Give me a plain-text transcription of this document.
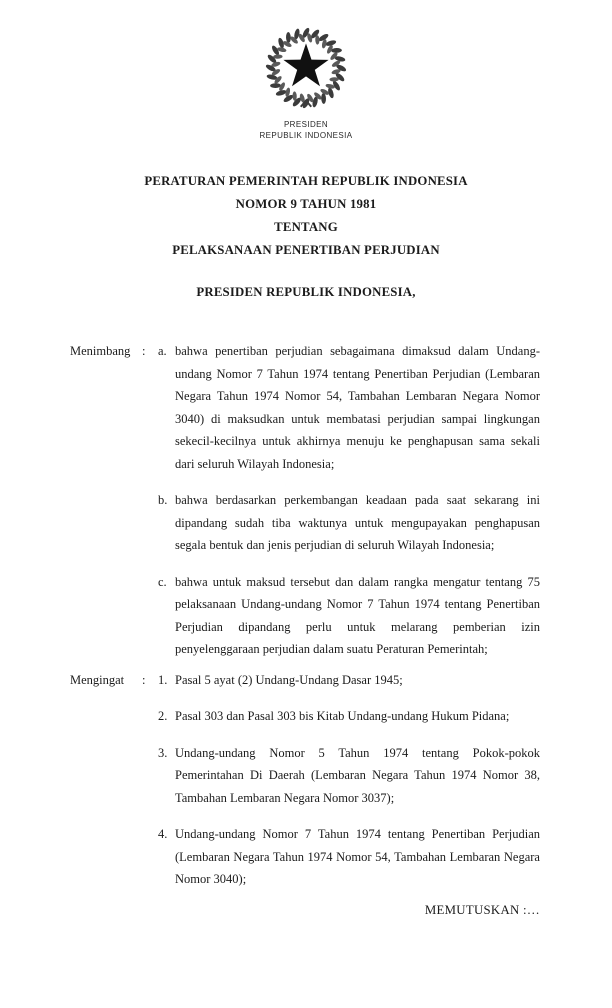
PRESIDEN
REPUBLIK INDONESIA
PERATURAN PEMERINTAH REPUBLIK INDONESIA
NOMOR 9 TAHUN 1981
TENTANG
PELAKSANAAN PENERTIBAN PERJUDIAN
PRESIDEN REPUBLIK INDONESIA,
Menimbang :	a. bahwa penertiban perjudian sebagaimana dimaksud dalam Undang-undang Nomor 7 Tahun 1974 tentang Penertiban Perjudian (Lembaran Negara Tahun 1974 Nomor 54, Tambahan Lembaran Negara Nomor 3040) di maksudkan untuk membatasi perjudian sampai lingkungan sekecil-kecilnya untuk akhirnya menuju ke penghapusan sama sekali dari seluruh Wilayah Indonesia;
b. bahwa berdasarkan perkembangan keadaan pada saat sekarang ini dipandang sudah tiba waktunya untuk mengupayakan penghapusan segala bentuk dan jenis perjudian di seluruh Wilayah Indonesia;
c. bahwa untuk maksud tersebut dan dalam rangka mengatur tentang 75 pelaksanaan Undang-undang Nomor 7 Tahun 1974 tentang Penertiban Perjudian dipandang perlu untuk melarang pemberian izin penyelenggaraan perjudian dalam suatu Peraturan Pemerintah;
Mengingat	:	1. Pasal 5 ayat (2) Undang-Undang Dasar 1945;
2. Pasal 303 dan Pasal 303 bis Kitab Undang-undang Hukum Pidana;
3. Undang-undang Nomor 5 Tahun 1974 tentang Pokok-pokok Pemerintahan Di Daerah (Lembaran Negara Tahun 1974 Nomor 38, Tambahan Lembaran Negara Nomor 3037);
4. Undang-undang Nomor 7 Tahun 1974 tentang Penertiban Perjudian (Lembaran Negara Tahun 1974 Nomor 54, Tambahan Lembaran Negara Nomor 3040);
MEMUTUSKAN :…
